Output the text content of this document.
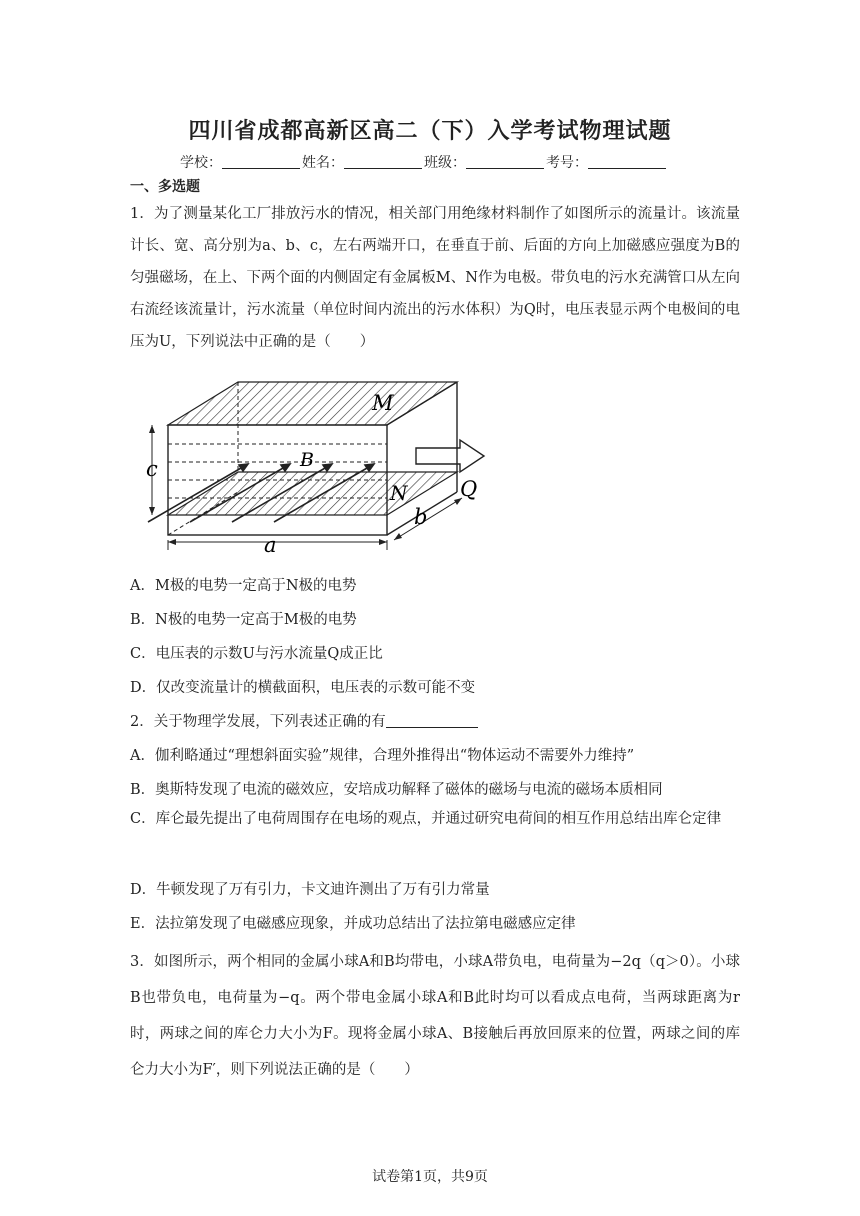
四川省成都高新区高二（下）入学考试物理试题
学校：	姓名：	班级：	考号：
一、多选题
1．为了测量某化工厂排放污水的情况，相关部门用绝缘材料制作了如图所示的流量计。该流量计长、宽、高分别为a、b、c，左右两端开口，在垂直于前、后面的方向上加磁感应强度为B的匀强磁场，在上、下两个面的内侧固定有金属板M、N作为电极。带负电的污水充满管口从左向右流经该流量计，污水流量（单位时间内流出的污水体积）为Q时，电压表显示两个电极间的电压为U，下列说法中正确的是（　　）
M
N
B
Q
a
b
c
A．M极的电势一定高于N极的电势
B．N极的电势一定高于M极的电势
C．电压表的示数U与污水流量Q成正比
D．仅改变流量计的横截面积，电压表的示数可能不变
2．关于物理学发展，下列表述正确的有
A．伽利略通过“理想斜面实验”规律，合理外推得出“物体运动不需要外力维持”
B．奥斯特发现了电流的磁效应，安培成功解释了磁体的磁场与电流的磁场本质相同
C．库仑最先提出了电荷周围存在电场的观点，并通过研究电荷间的相互作用总结出库仑定律
D．牛顿发现了万有引力，卡文迪许测出了万有引力常量
E．法拉第发现了电磁感应现象，并成功总结出了法拉第电磁感应定律
3．如图所示，两个相同的金属小球A和B均带电，小球A带负电，电荷量为−2q（q＞0）。小球B也带负电，电荷量为−q。两个带电金属小球A和B此时均可以看成点电荷，当两球距离为r时，两球之间的库仑力大小为F。现将金属小球A、B接触后再放回原来的位置，两球之间的库仑力大小为F′，则下列说法正确的是（　　）
试卷第1页，共9页
